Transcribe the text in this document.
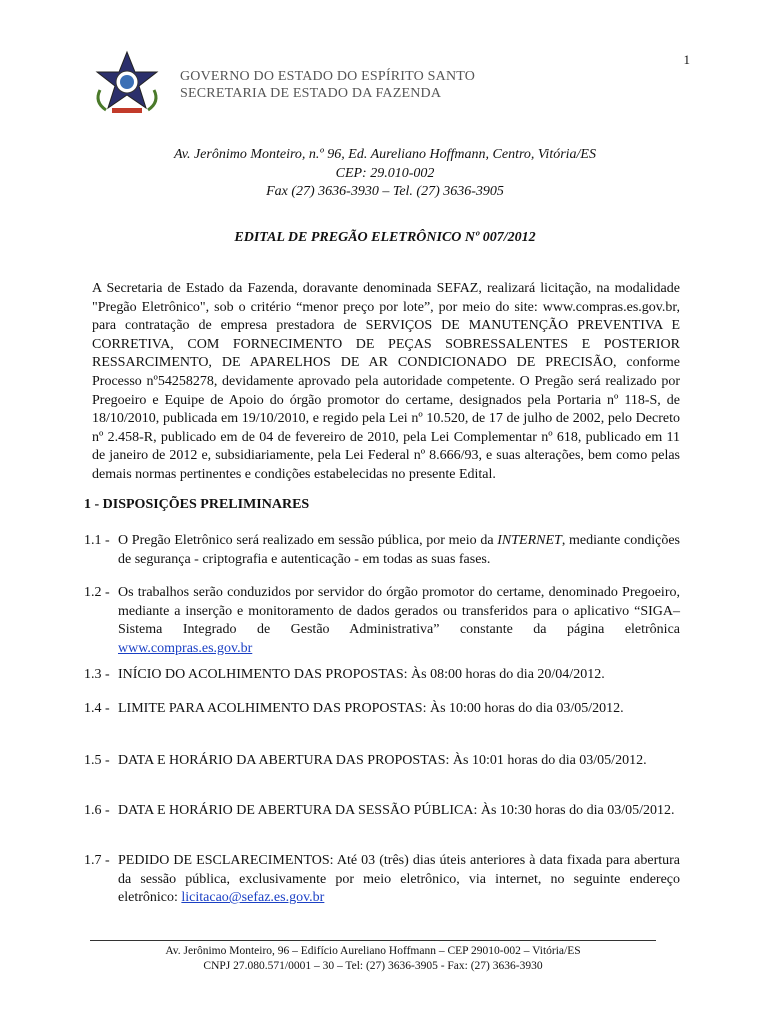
1
GOVERNO DO ESTADO DO ESPÍRITO SANTO
SECRETARIA DE ESTADO DA FAZENDA
Av. Jerônimo Monteiro, n.º 96, Ed. Aureliano Hoffmann, Centro, Vitória/ES
CEP: 29.010-002
Fax (27) 3636-3930 – Tel. (27) 3636-3905
EDITAL DE PREGÃO ELETRÔNICO Nº 007/2012
A Secretaria de Estado da Fazenda, doravante denominada SEFAZ, realizará licitação, na modalidade "Pregão Eletrônico", sob o critério “menor preço por lote”, por meio do site: www.compras.es.gov.br, para contratação de empresa prestadora de SERVIÇOS DE MANUTENÇÃO PREVENTIVA E CORRETIVA, COM FORNECIMENTO DE PEÇAS SOBRESSALENTES E POSTERIOR RESSARCIMENTO, DE APARELHOS DE AR CONDICIONADO DE PRECISÃO, conforme Processo nº54258278, devidamente aprovado pela autoridade competente. O Pregão será realizado por Pregoeiro e Equipe de Apoio do órgão promotor do certame, designados pela Portaria nº 118-S, de 18/10/2010, publicada em 19/10/2010, e regido pela Lei nº 10.520, de 17 de julho de 2002, pelo Decreto nº 2.458-R, publicado em de 04 de fevereiro de 2010, pela Lei Complementar nº 618, publicado em 11 de janeiro de 2012 e, subsidiariamente, pela Lei Federal nº 8.666/93, e suas alterações, bem como pelas demais normas pertinentes e condições estabelecidas no presente Edital.
1 - DISPOSIÇÕES PRELIMINARES
1.1 - O Pregão Eletrônico será realizado em sessão pública, por meio da INTERNET, mediante condições de segurança - criptografia e autenticação - em todas as suas fases.
1.2 - Os trabalhos serão conduzidos por servidor do órgão promotor do certame, denominado Pregoeiro, mediante a inserção e monitoramento de dados gerados ou transferidos para o aplicativo “SIGA– Sistema Integrado de Gestão Administrativa” constante da página eletrônica www.compras.es.gov.br
1.3 - INÍCIO DO ACOLHIMENTO DAS PROPOSTAS: Às 08:00 horas do dia 20/04/2012.
1.4 - LIMITE PARA ACOLHIMENTO DAS PROPOSTAS: Às 10:00 horas do dia 03/05/2012.
1.5 - DATA E HORÁRIO DA ABERTURA DAS PROPOSTAS: Às 10:01 horas do dia 03/05/2012.
1.6 - DATA E HORÁRIO DE ABERTURA DA SESSÃO PÚBLICA: Às 10:30 horas do dia 03/05/2012.
1.7 - PEDIDO DE ESCLARECIMENTOS: Até 03 (três) dias úteis anteriores à data fixada para abertura da sessão pública, exclusivamente por meio eletrônico, via internet, no seguinte endereço eletrônico: licitacao@sefaz.es.gov.br
Av. Jerônimo Monteiro, 96 – Edifício Aureliano Hoffmann – CEP 29010-002 – Vitória/ES
CNPJ 27.080.571/0001 – 30 – Tel: (27) 3636-3905 - Fax: (27) 3636-3930
